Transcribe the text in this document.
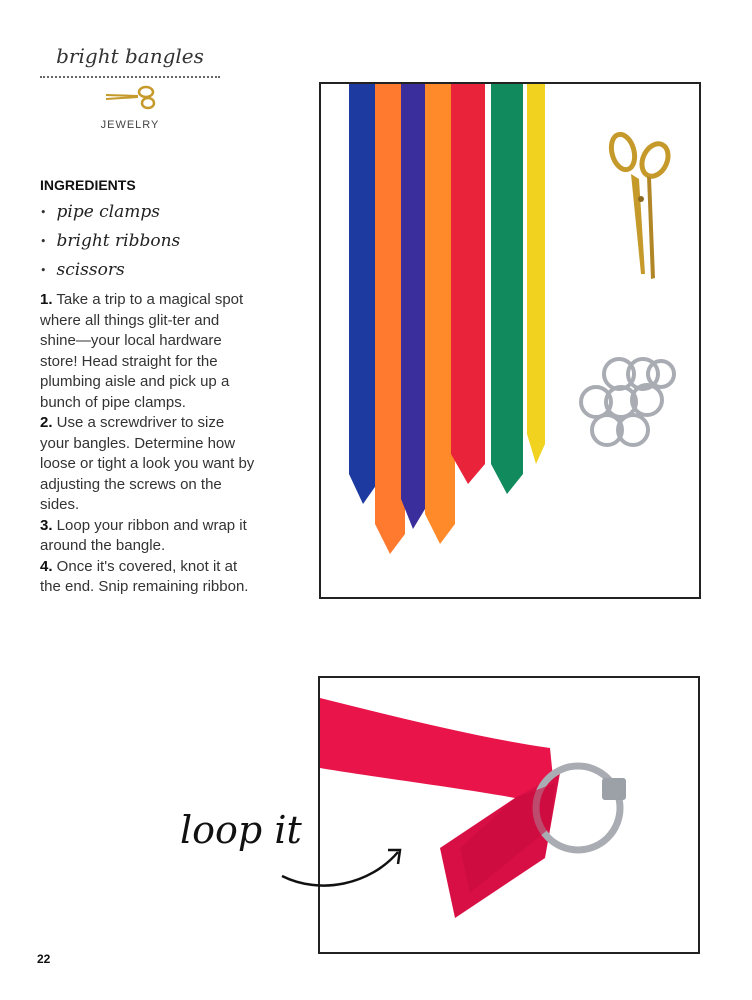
bright bangles
JEWELRY
INGREDIENTS
• pipe clamps
• bright ribbons
• scissors

1. Take a trip to a magical spot where all things glit-ter and shine—your local hardware store! Head straight for the plumbing aisle and pick up a bunch of pipe clamps.

2. Use a screwdriver to size your bangles. Determine how loose or tight a look you want by adjusting the screws on the sides.

3. Loop your ribbon and wrap it around the bangle.

4. Once it's covered, knot it at the end. Snip remaining ribbon.

loop it
22
